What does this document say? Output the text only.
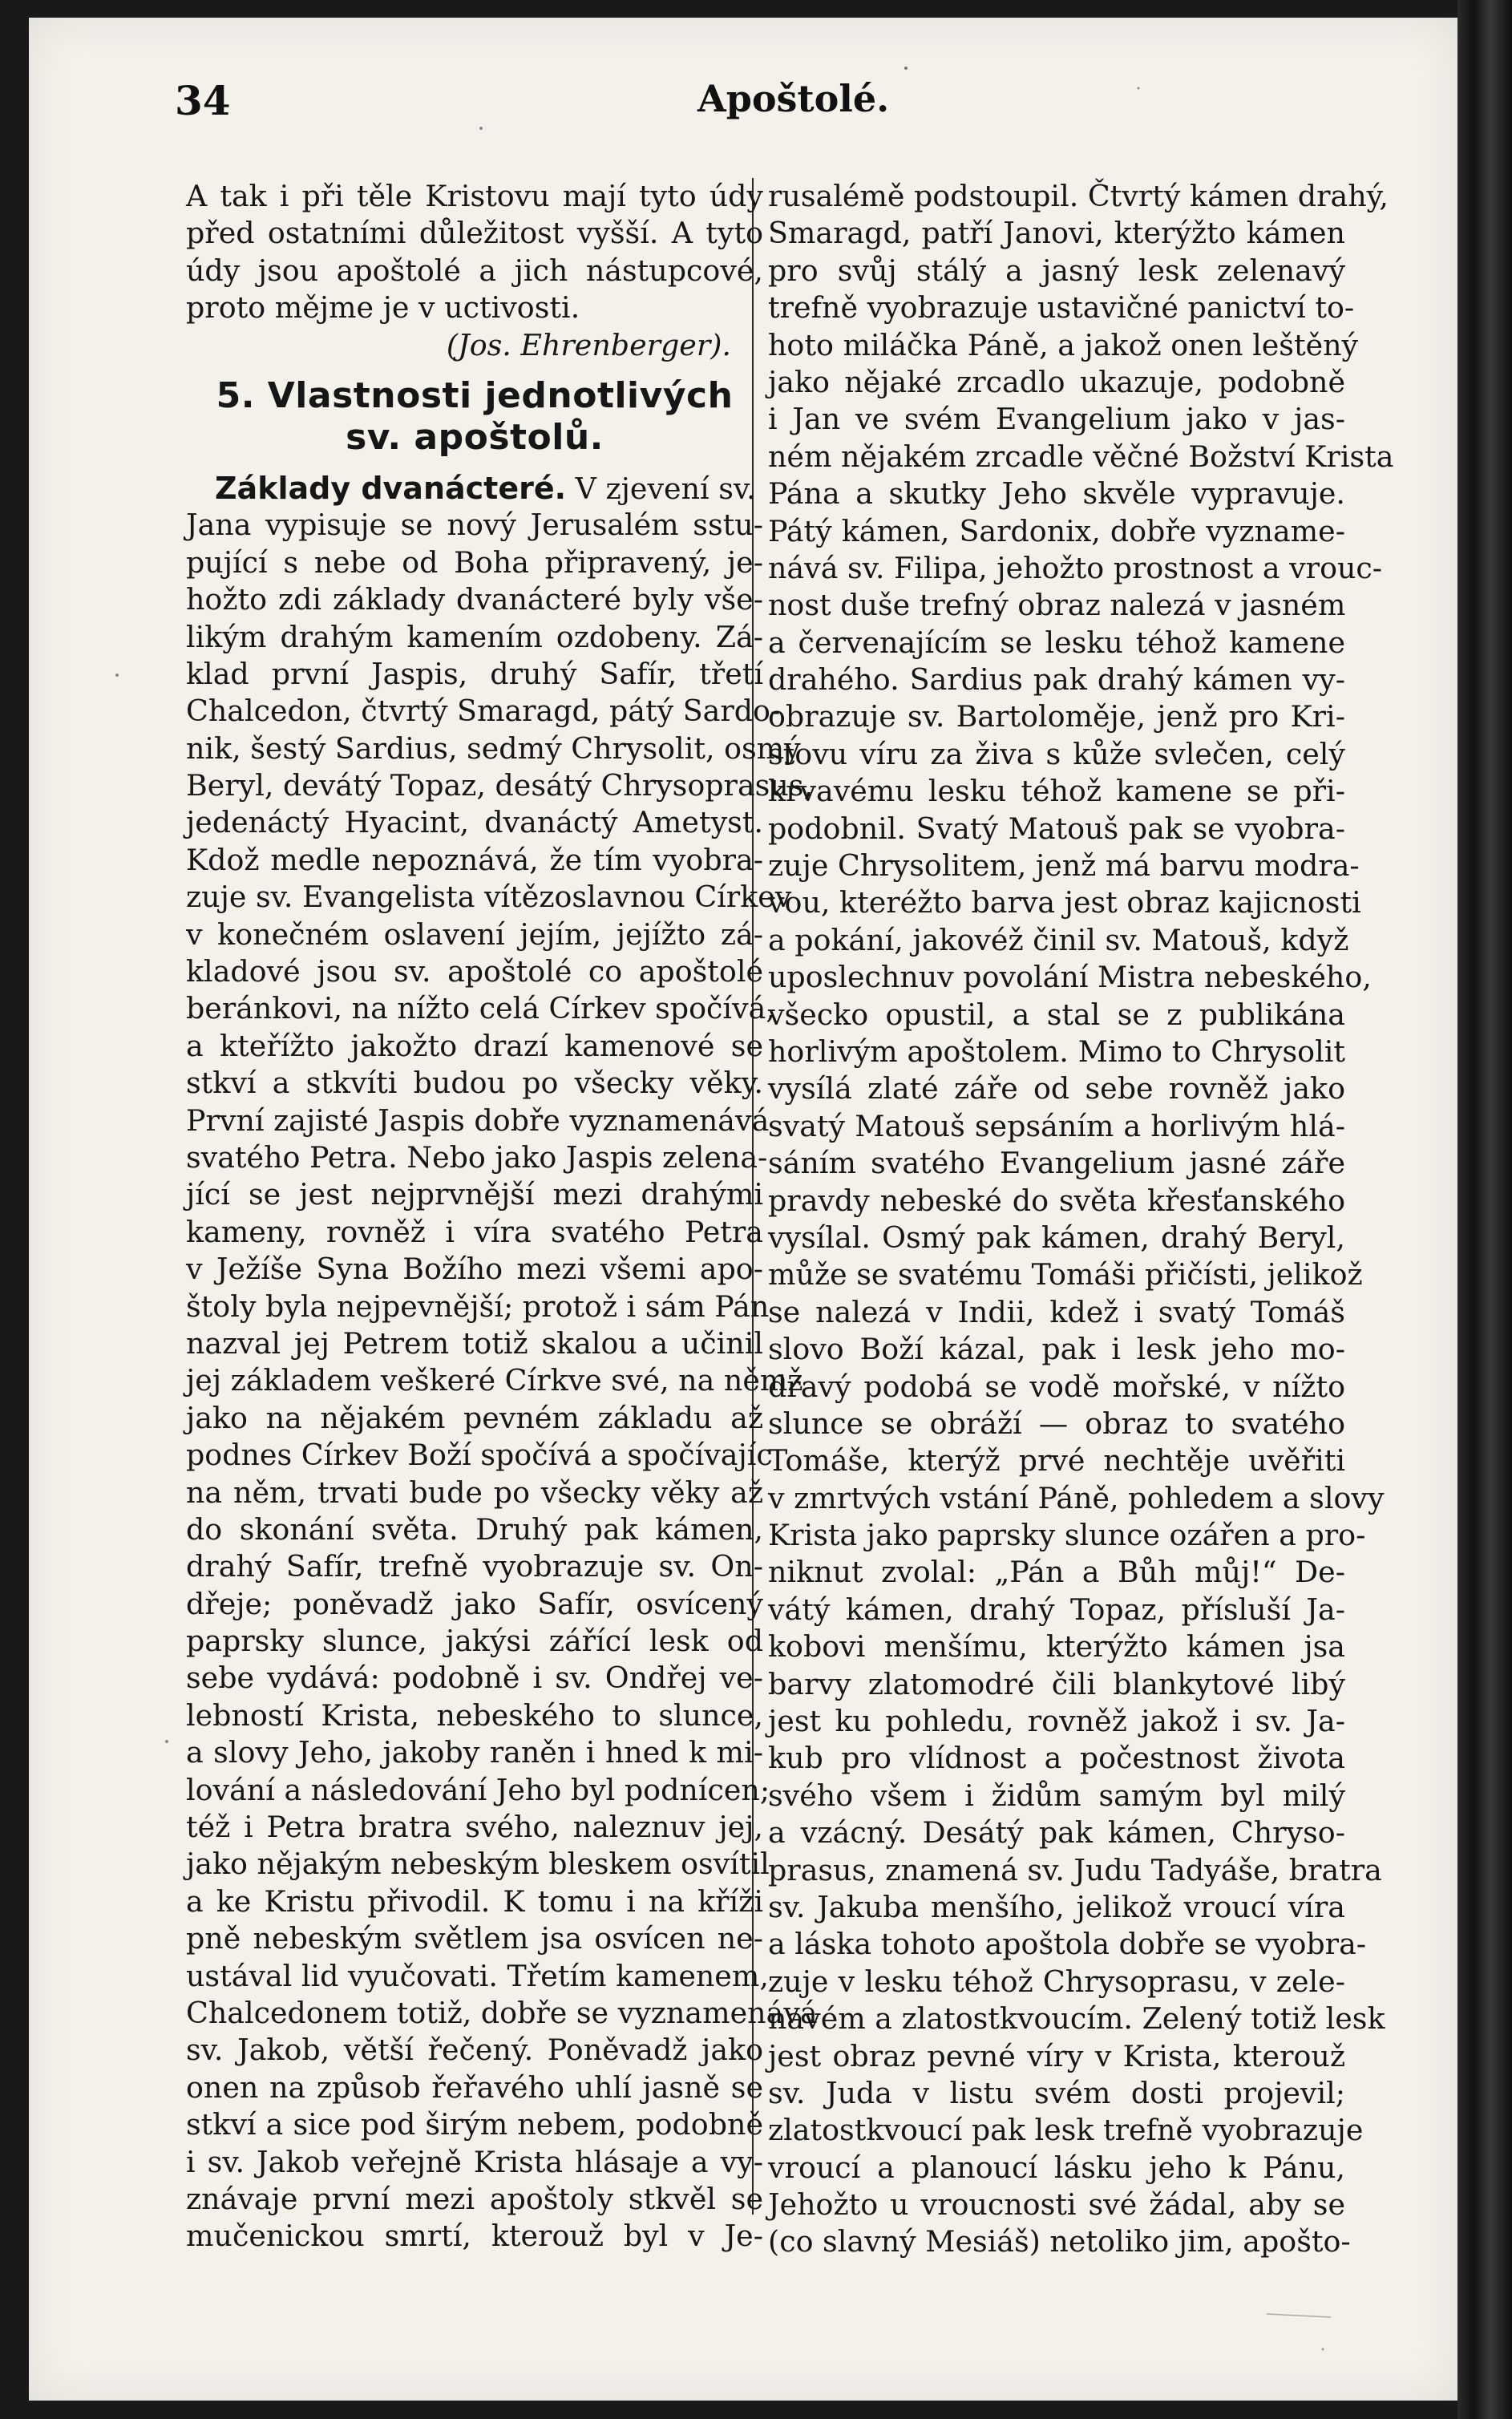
34	Apoštolé.
A tak i při těle Kristovu mají tyto údy
před ostatními důležitost vyšší. A tyto
údy jsou apoštolé a jich nástupcové,
proto mějme je v uctivosti.
(Jos. Ehrenberger).
5. Vlastnosti jednotlivých
sv. apoštolů.
Základy dvanácteré. V zjevení sv.
Jana vypisuje se nový Jerusalém sstu-
pující s nebe od Boha připravený, je-
hožto zdi základy dvanácteré byly vše-
likým drahým kamením ozdobeny. Zá-
klad první Jaspis, druhý Safír, třetí
Chalcedon, čtvrtý Smaragd, pátý Sardo-
nik, šestý Sardius, sedmý Chrysolit, osmý
Beryl, devátý Topaz, desátý Chrysoprasus,
jedenáctý Hyacint, dvanáctý Ametyst.
Kdož medle nepoznává, že tím vyobra-
zuje sv. Evangelista vítězoslavnou Církev
v konečném oslavení jejím, jejížto zá-
kladové jsou sv. apoštolé co apoštolé
beránkovi, na nížto celá Církev spočívá,
a kteřížto jakožto drazí kamenové se
stkví a stkvíti budou po všecky věky.
První zajisté Jaspis dobře vyznamenává
svatého Petra. Nebo jako Jaspis zelena-
jící se jest nejprvnější mezi drahými
kameny, rovněž i víra svatého Petra
v Ježíše Syna Božího mezi všemi apo-
štoly byla nejpevnější; protož i sám Pán
nazval jej Petrem totiž skalou a učinil
jej základem veškeré Církve své, na němž
jako na nějakém pevném základu až
podnes Církev Boží spočívá a spočívajíc
na něm, trvati bude po všecky věky až
do skonání světa. Druhý pak kámen,
drahý Safír, trefně vyobrazuje sv. On-
dřeje; poněvadž jako Safír, osvícený
paprsky slunce, jakýsi zářící lesk od
sebe vydává: podobně i sv. Ondřej ve-
lebností Krista, nebeského to slunce,
a slovy Jeho, jakoby raněn i hned k mi-
lování a následování Jeho byl podnícen;
též i Petra bratra svého, naleznuv jej,
jako nějakým nebeským bleskem osvítil
a ke Kristu přivodil. K tomu i na kříži
pně nebeským světlem jsa osvícen ne-
ustával lid vyučovati. Třetím kamenem,
Chalcedonem totiž, dobře se vyznamenává
sv. Jakob, větší řečený. Poněvadž jako
onen na způsob řeřavého uhlí jasně se
stkví a sice pod širým nebem, podobně
i sv. Jakob veřejně Krista hlásaje a vy-
znávaje první mezi apoštoly stkvěl se
mučenickou smrtí, kterouž byl v Je-
rusalémě podstoupil. Čtvrtý kámen drahý,
Smaragd, patří Janovi, kterýžto kámen
pro svůj stálý a jasný lesk zelenavý
trefně vyobrazuje ustavičné panictví to-
hoto miláčka Páně, a jakož onen leštěný
jako nějaké zrcadlo ukazuje, podobně
i Jan ve svém Evangelium jako v jas-
ném nějakém zrcadle věčné Božství Krista
Pána a skutky Jeho skvěle vypravuje.
Pátý kámen, Sardonix, dobře vyzname-
nává sv. Filipa, jehožto prostnost a vrouc-
nost duše trefný obraz nalezá v jasném
a červenajícím se lesku téhož kamene
drahého. Sardius pak drahý kámen vy-
obrazuje sv. Bartoloměje, jenž pro Kri-
stovu víru za živa s kůže svlečen, celý
krvavému lesku téhož kamene se při-
podobnil. Svatý Matouš pak se vyobra-
zuje Chrysolitem, jenž má barvu modra-
vou, kteréžto barva jest obraz kajicnosti
a pokání, jakovéž činil sv. Matouš, když
uposlechnuv povolání Mistra nebeského,
všecko opustil, a stal se z publikána
horlivým apoštolem. Mimo to Chrysolit
vysílá zlaté záře od sebe rovněž jako
svatý Matouš sepsáním a horlivým hlá-
sáním svatého Evangelium jasné záře
pravdy nebeské do světa křesťanského
vysílal. Osmý pak kámen, drahý Beryl,
může se svatému Tomáši přičísti, jelikož
se nalezá v Indii, kdež i svatý Tomáš
slovo Boží kázal, pak i lesk jeho mo-
dravý podobá se vodě mořské, v nížto
slunce se obráží — obraz to svatého
Tomáše, kterýž prvé nechtěje uvěřiti
v zmrtvých vstání Páně, pohledem a slovy
Krista jako paprsky slunce ozářen a pro-
niknut zvolal: „Pán a Bůh můj!“ De-
vátý kámen, drahý Topaz, přísluší Ja-
kobovi menšímu, kterýžto kámen jsa
barvy zlatomodré čili blankytové libý
jest ku pohledu, rovněž jakož i sv. Ja-
kub pro vlídnost a počestnost života
svého všem i židům samým byl milý
a vzácný. Desátý pak kámen, Chryso-
prasus, znamená sv. Judu Tadyáše, bratra
sv. Jakuba menšího, jelikož vroucí víra
a láska tohoto apoštola dobře se vyobra-
zuje v lesku téhož Chrysoprasu, v zele-
navém a zlatostkvoucím. Zelený totiž lesk
jest obraz pevné víry v Krista, kterouž
sv. Juda v listu svém dosti projevil;
zlatostkvoucí pak lesk trefně vyobrazuje
vroucí a planoucí lásku jeho k Pánu,
Jehožto u vroucnosti své žádal, aby se
(co slavný Mesiáš) netoliko jim, apošto-
